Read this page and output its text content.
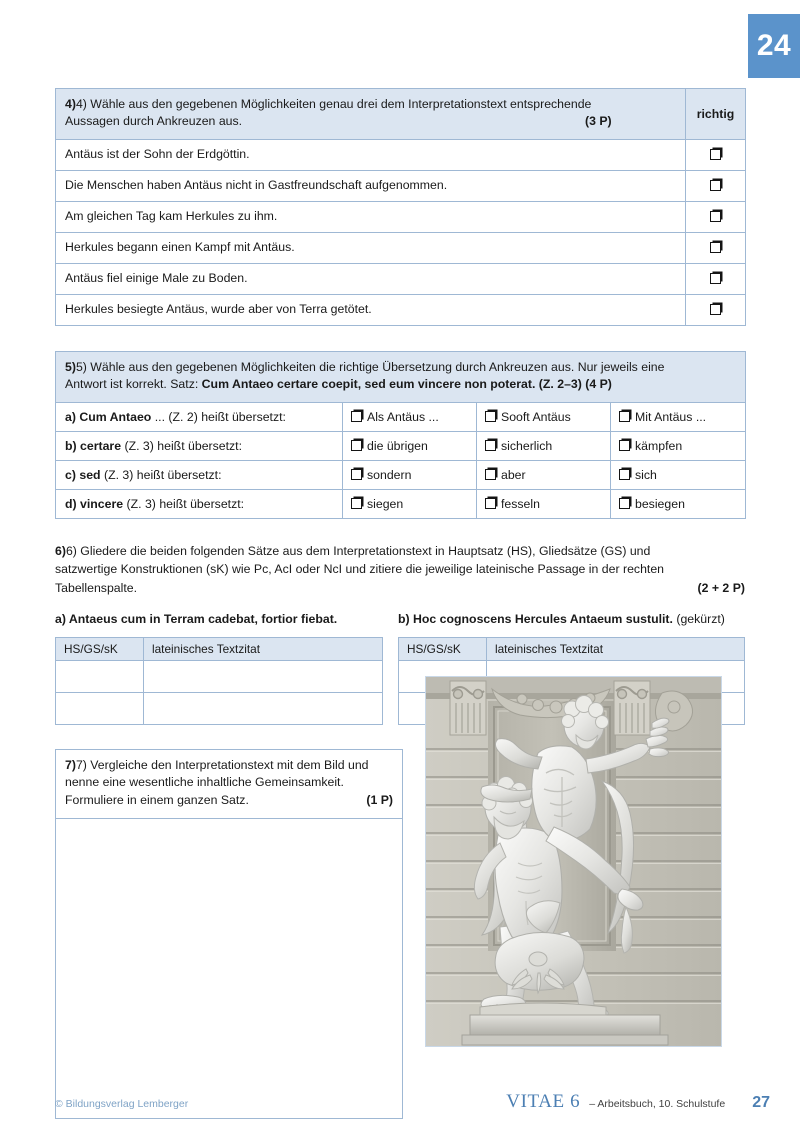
24
4)4) Wähle aus den gegebenen Möglichkeiten genau drei dem Interpretationstext entsprechende
Aussagen durch Ankreuzen aus. (3 P)	richtig
Antäus ist der Sohn der Erdgöttin.	
Die Menschen haben Antäus nicht in Gastfreundschaft aufgenommen.	
Am gleichen Tag kam Herkules zu ihm.	
Herkules begann einen Kampf mit Antäus.	
Antäus fiel einige Male zu Boden.	
Herkules besiegte Antäus, wurde aber von Terra getötet.	
5)5) Wähle aus den gegebenen Möglichkeiten die richtige Übersetzung durch Ankreuzen aus. Nur jeweils eine
Antwort ist korrekt. Satz: Cum Antaeo certare coepit, sed eum vincere non poterat. (Z. 2–3) (4 P)			
a) Cum Antaeo ... (Z. 2) heißt übersetzt:	Als Antäus ...	Sooft Antäus	Mit Antäus ...
b) certare (Z. 3) heißt übersetzt:	die übrigen	sicherlich	kämpfen
c) sed (Z. 3) heißt übersetzt:	sondern	aber	sich
d) vincere (Z. 3) heißt übersetzt:	siegen	fesseln	besiegen
6)6) Gliedere die beiden folgenden Sätze aus dem Interpretationstext in Hauptsatz (HS), Gliedsätze (GS) und
satzwertige Konstruktionen (sK) wie Pc, AcI oder NcI und zitiere die jeweilige lateinische Passage in der rechten
Tabellenspalte.	(2 + 2 P)
a) Antaeus cum in Terram cadebat, fortior fiebat.	b) Hoc cognoscens Hercules Antaeum sustulit. (gekürzt)
HS/GS/sK	lateinisches Textzitat

		HS/GS/sK	lateinisches Textzitat

7)7) Vergleiche den Interpretationstext mit dem Bild und
nenne eine wesentliche inhaltliche Gemeinsamkeit.
Formuliere in einem ganzen Satz.	(1 P)
© Bildungsverlag Lemberger	VITAE 6 – Arbeitsbuch, 10. Schulstufe 27
